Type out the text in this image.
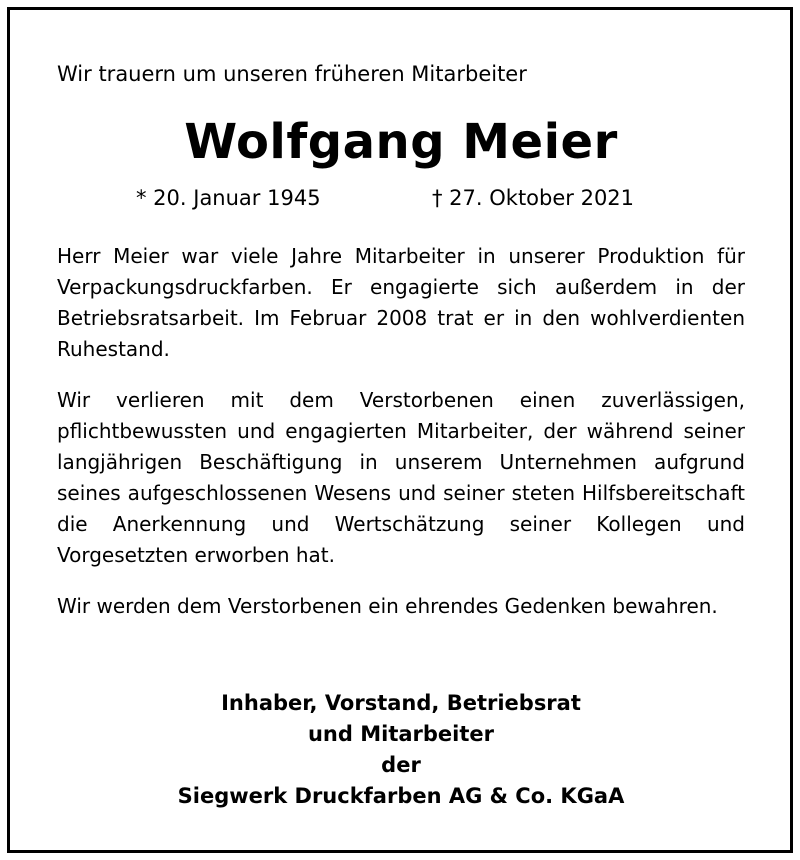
Wir trauern um unseren früheren Mitarbeiter
Wolfgang Meier
* 20. Januar 1945	† 27. Oktober 2021
Herr Meier war viele Jahre Mitarbeiter in unserer Produktion für Verpackungsdruckfarben. Er engagierte sich außerdem in der Betriebsratsarbeit. Im Februar 2008 trat er in den wohlverdienten Ruhestand.
Wir verlieren mit dem Verstorbenen einen zuverlässigen, pflichtbewussten und engagierten Mitarbeiter, der während seiner langjährigen Beschäftigung in unserem Unternehmen aufgrund seines aufgeschlossenen Wesens und seiner steten Hilfsbereitschaft die Anerkennung und Wertschätzung seiner Kollegen und Vorgesetzten erworben hat.
Wir werden dem Verstorbenen ein ehrendes Gedenken bewahren.
Inhaber, Vorstand, Betriebsrat
und Mitarbeiter
der
Siegwerk Druckfarben AG & Co. KGaA
